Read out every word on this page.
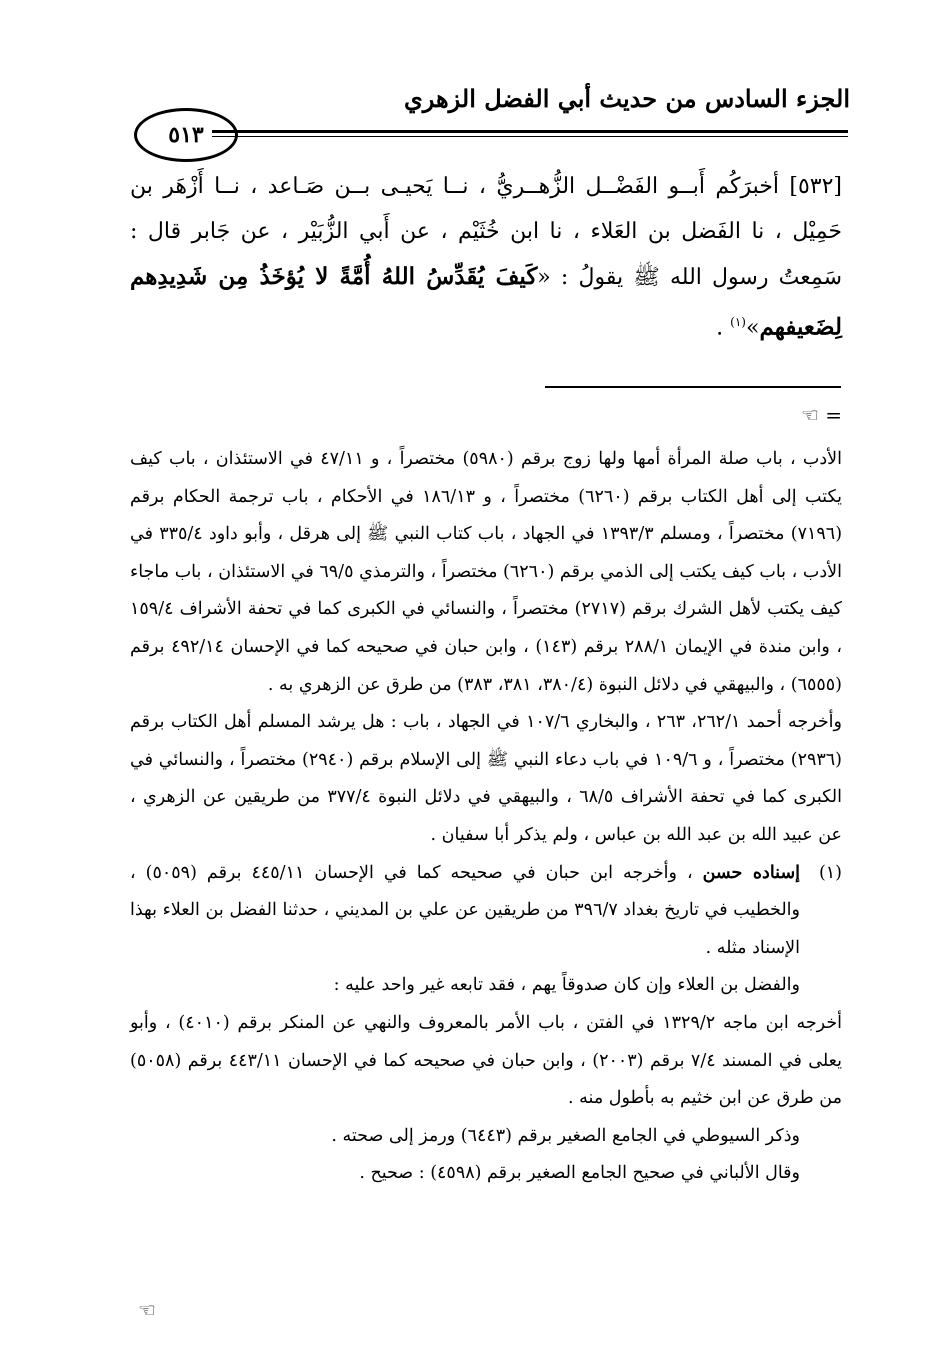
الجزء السادس من حديث أبي الفضل الزهري
٥١٣
[٥٣٢] أخبرَكُم أَبــو الفَضْــل الزُّهــريُّ ، نــا يَحيـى بــن صَـاعد ، نــا أَزْهَر بن حَمِيْل ، نا الفَضل بن العَلاء ، نا ابن خُثَيْم ، عن أَبي الزُّبَيْر ، عن جَابر قال : سَمِعتُ رسول الله ﷺ يقولُ : «كَيفَ يُقَدِّسُ اللهُ أُمَّةً لا يُؤخَذُ مِن شَدِيدِهم لِضَعيفهم»$^{(١)}$ .
= ☜

الأدب ، باب صلة المرأة أمها ولها زوج برقم (٥٩٨٠) مختصراً ، و ٤٧/١١ في الاستئذان ، باب كيف يكتب إلى أهل الكتاب برقم (٦٢٦٠) مختصراً ، و ١٨٦/١٣ في الأحكام ، باب ترجمة الحكام برقم (٧١٩٦) مختصراً ، ومسلم ١٣٩٣/٣ في الجهاد ، باب كتاب النبي ﷺ إلى هرقل ، وأبو داود ٣٣٥/٤ في الأدب ، باب كيف يكتب إلى الذمي برقم (٦٢٦٠) مختصراً ، والترمذي ٦٩/٥ في الاستئذان ، باب ماجاء كيف يكتب لأهل الشرك برقم (٢٧١٧) مختصراً ، والنسائي في الكبرى كما في تحفة الأشراف ١٥٩/٤ ، وابن مندة في الإيمان ٢٨٨/١ برقم (١٤٣) ، وابن حبان في صحيحه كما في الإحسان ٤٩٢/١٤ برقم (٦٥٥٥) ، والبيهقي في دلائل النبوة (٣٨٠/٤، ٣٨١، ٣٨٣) من طرق عن الزهري به .

وأخرجه أحمد ٢٦٢/١، ٢٦٣ ، والبخاري ١٠٧/٦ في الجهاد ، باب : هل يرشد المسلم أهل الكتاب برقم (٢٩٣٦) مختصراً ، و ١٠٩/٦ في باب دعاء النبي ﷺ إلى الإسلام برقم (٢٩٤٠) مختصراً ، والنسائي في الكبرى كما في تحفة الأشراف ٦٨/٥ ، والبيهقي في دلائل النبوة ٣٧٧/٤ من طريقين عن الزهري ، عن عبيد الله بن عبد الله بن عباس ، ولم يذكر أبا سفيان .

(١)
إسناده حسن ، وأخرجه ابن حبان في صحيحه كما في الإحسان ٤٤٥/١١ برقم (٥٠٥٩) ، والخطيب في تاريخ بغداد ٣٩٦/٧ من طريقين عن علي بن المديني ، حدثنا الفضل بن العلاء بهذا الإسناد مثله .

والفضل بن العلاء وإن كان صدوقاً يهم ، فقد تابعه غير واحد عليه :

أخرجه ابن ماجه ١٣٢٩/٢ في الفتن ، باب الأمر بالمعروف والنهي عن المنكر برقم (٤٠١٠) ، وأبو يعلى في المسند ٧/٤ برقم (٢٠٠٣) ، وابن حبان في صحيحه كما في الإحسان ٤٤٣/١١ برقم (٥٠٥٨) من طرق عن ابن خثيم به بأطول منه .

وذكر السيوطي في الجامع الصغير برقم (٦٤٤٣) ورمز إلى صحته .

وقال الألباني في صحيح الجامع الصغير برقم (٤٥٩٨) : صحيح .

☜
